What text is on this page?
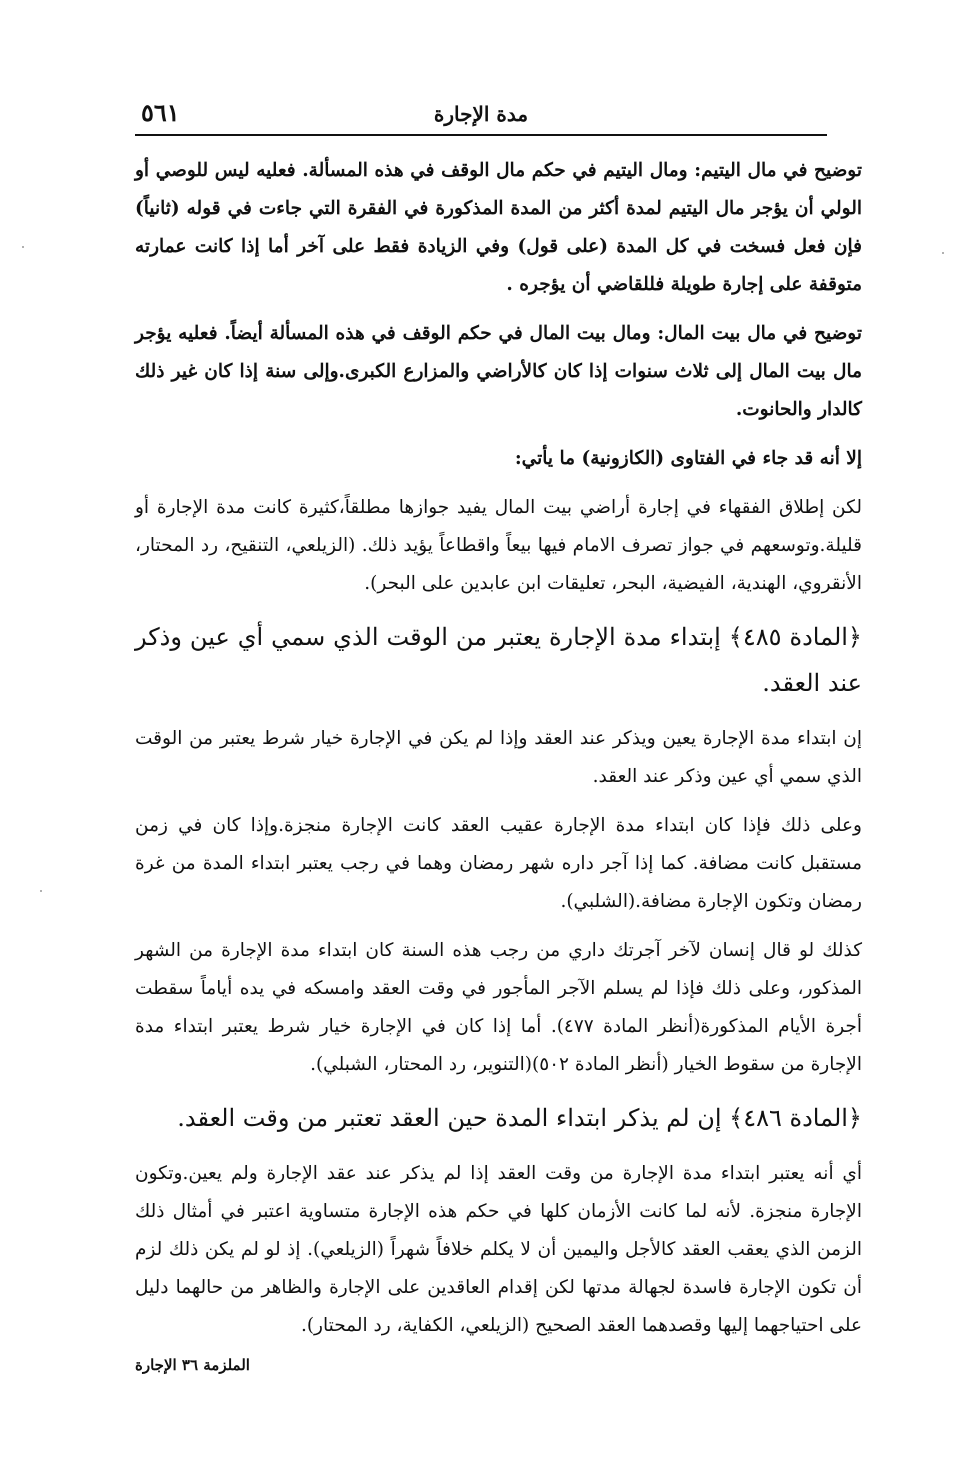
٥٦١	مدة الإجارة

توضيح في مال اليتيم: ومال اليتيم في حكم مال الوقف في هذه المسألة. فعليه ليس للوصي أو الولي أن يؤجر مال اليتيم لمدة أكثر من المدة المذكورة في الفقرة التي جاءت في قوله (ثانياً) فإن فعل فسخت في كل المدة (على قول) وفي الزيادة فقط على آخر أما إذا كانت عمارته متوقفة على إجارة طويلة فللقاضي أن يؤجره .

توضيح في مال بيت المال: ومال بيت المال في حكم الوقف في هذه المسألة أيضاً. فعليه يؤجر مال بيت المال إلى ثلاث سنوات إذا كان كالأراضي والمزارع الكبرى.وإلى سنة إذا كان غير ذلك كالدار والحانوت.

إلا أنه قد جاء في الفتاوى (الكازونية) ما يأتي:

لكن إطلاق الفقهاء في إجارة أراضي بيت المال يفيد جوازها مطلقاً،كثيرة كانت مدة الإجارة أو قليلة.وتوسعهم في جواز تصرف الامام فيها بيعاً واقطاعاً يؤيد ذلك. (الزيلعي، التنقيح، رد المحتار، الأنقروي، الهندية، الفيضية، البحر، تعليقات ابن عابدين على البحر).

﴿المادة ٤٨٥﴾ إبتداء مدة الإجارة يعتبر من الوقت الذي سمي أي عين وذكر عند العقد.

إن ابتداء مدة الإجارة يعين ويذكر عند العقد وإذا لم يكن في الإجارة خيار شرط يعتبر من الوقت الذي سمي أي عين وذكر عند العقد.

وعلى ذلك فإذا كان ابتداء مدة الإجارة عقيب العقد كانت الإجارة منجزة.وإذا كان في زمن مستقبل كانت مضافة. كما إذا آجر داره شهر رمضان وهما في رجب يعتبر ابتداء المدة من غرة رمضان وتكون الإجارة مضافة.(الشلبي).

كذلك لو قال إنسان لآخر آجرتك داري من رجب هذه السنة كان ابتداء مدة الإجارة من الشهر المذكور، وعلى ذلك فإذا لم يسلم الآجر المأجور في وقت العقد وامسكه في يده أياماً سقطت أجرة الأيام المذكورة(أنظر المادة ٤٧٧). أما إذا كان في الإجارة خيار شرط يعتبر ابتداء مدة الإجارة من سقوط الخيار (أنظر المادة ٥٠٢)(التنوير، رد المحتار، الشبلي).

﴿المادة ٤٨٦﴾ إن لم يذكر ابتداء المدة حين العقد تعتبر من وقت العقد.

أي أنه يعتبر ابتداء مدة الإجارة من وقت العقد إذا لم يذكر عند عقد الإجارة ولم يعين.وتكون الإجارة منجزة. لأنه لما كانت الأزمان كلها في حكم هذه الإجارة متساوية اعتبر في أمثال ذلك الزمن الذي يعقب العقد كالأجل واليمين أن لا يكلم خلافاً شهراً (الزيلعي). إذ لو لم يكن ذلك لزم أن تكون الإجارة فاسدة لجهالة مدتها لكن إقدام العاقدين على الإجارة والظاهر من حالهما دليل على احتياجهما إليها وقصدهما العقد الصحيح (الزيلعي، الكفاية، رد المحتار).

الملزمة ٣٦ الإجارة
